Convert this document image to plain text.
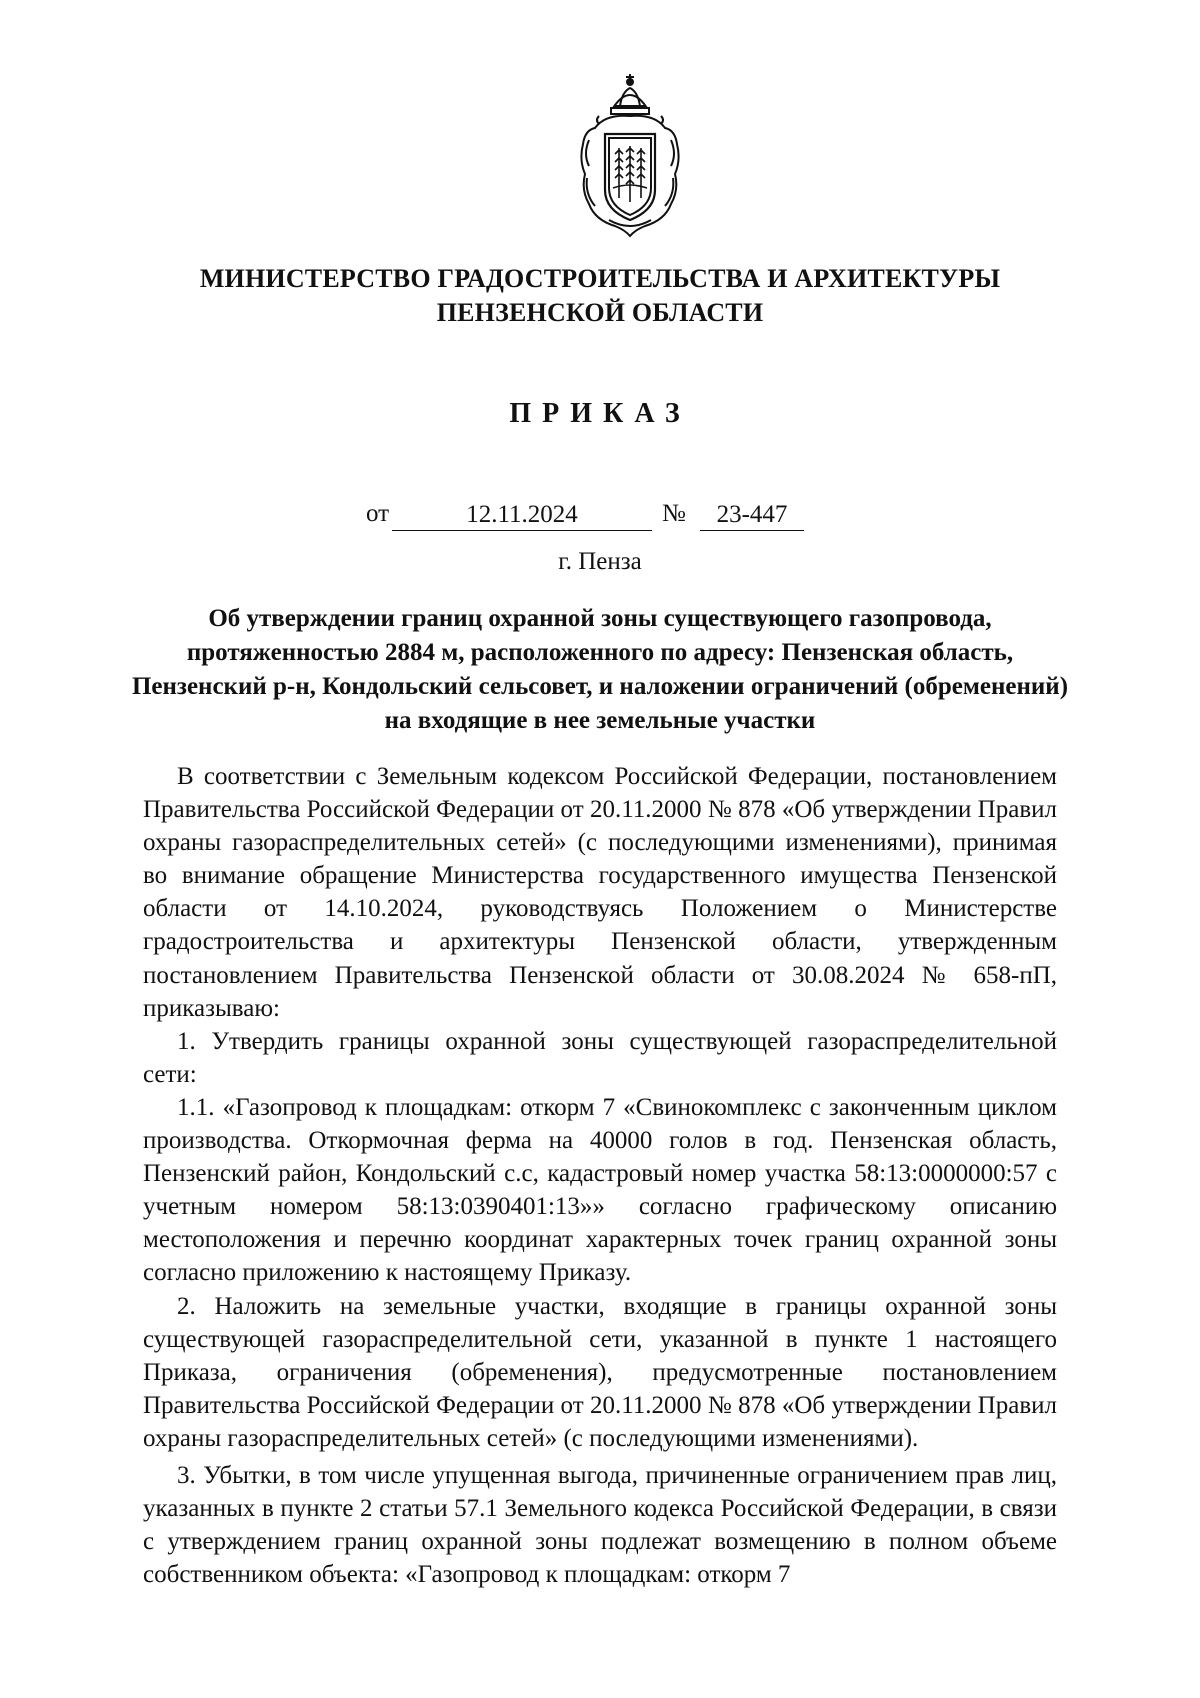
МИНИСТЕРСТВО ГРАДОСТРОИТЕЛЬСТВА И АРХИТЕКТУРЫ
ПЕНЗЕНСКОЙ ОБЛАСТИ
ПРИКАЗ
от	12.11.2024	№	23-447
г. Пенза
Об утверждении границ охранной зоны существующего газопровода, протяженностью 2884 м, расположенного по адресу: Пензенская область, Пензенский р-н, Кондольский сельсовет, и наложении ограничений (обременений) на входящие в нее земельные участки

В соответствии с Земельным кодексом Российской Федерации, постановлением Правительства Российской Федерации от 20.11.2000 № 878 «Об утверждении Правил охраны газораспределительных сетей» (с последующими изменениями), принимая во внимание обращение Министерства государственного имущества Пензенской области от 14.10.2024, руководствуясь Положением о Министерстве градостроительства и архитектуры Пензенской области, утвержденным постановлением Правительства Пензенской области от 30.08.2024 № 658-пП, приказываю:

1. Утвердить границы охранной зоны существующей газораспределительной сети:

1.1. «Газопровод к площадкам: откорм 7 «Свинокомплекс с законченным циклом производства. Откормочная ферма на 40000 голов в год. Пензенская область, Пензенский район, Кондольский с.с, кадастровый номер участка 58:13:0000000:57 с учетным номером 58:13:0390401:13»» согласно графическому описанию местоположения и перечню координат характерных точек границ охранной зоны согласно приложению к настоящему Приказу.

2. Наложить на земельные участки, входящие в границы охранной зоны существующей газораспределительной сети, указанной в пункте 1 настоящего Приказа, ограничения (обременения), предусмотренные постановлением Правительства Российской Федерации от 20.11.2000 № 878 «Об утверждении Правил охраны газораспределительных сетей» (с последующими изменениями).

3. Убытки, в том числе упущенная выгода, причиненные ограничением прав лиц, указанных в пункте 2 статьи 57.1 Земельного кодекса Российской Федерации, в связи с утверждением границ охранной зоны подлежат возмещению в полном объеме собственником объекта: «Газопровод к площадкам: откорм 7
